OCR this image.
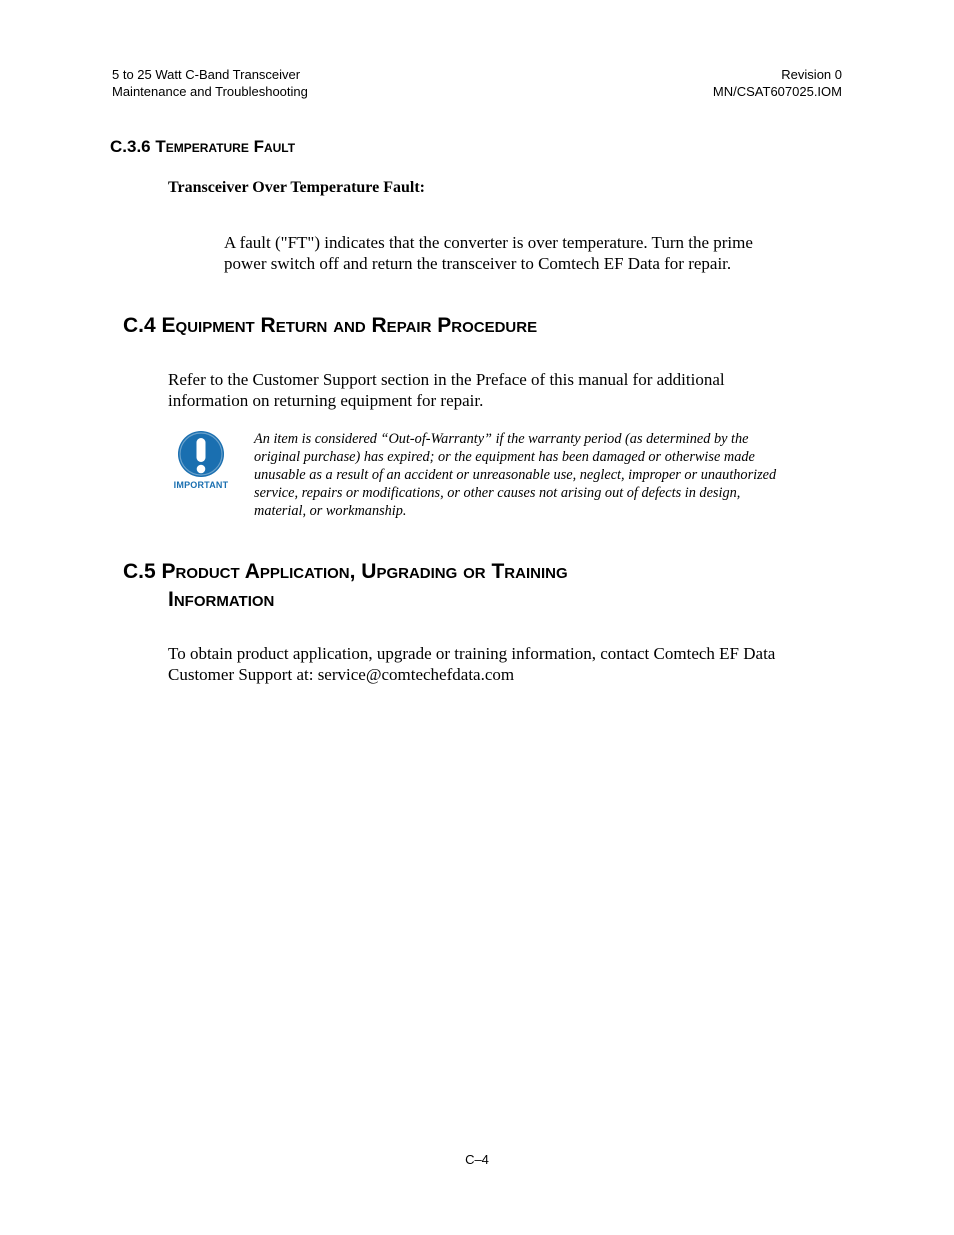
5 to 25 Watt C-Band Transceiver
Maintenance and Troubleshooting
Revision 0
MN/CSAT607025.IOM
C.3.6 Temperature Fault
Transceiver Over Temperature Fault:
A fault ("FT") indicates that the converter is over temperature. Turn the prime
power switch off and return the transceiver to Comtech EF Data for repair.
C.4 Equipment Return and Repair Procedure
Refer to the Customer Support section in the Preface of this manual for additional
information on returning equipment for repair.
IMPORTANT
An item is considered “Out-of-Warranty” if the warranty period (as determined by the
original purchase) has expired; or the equipment has been damaged or otherwise made
unusable as a result of an accident or unreasonable use, neglect, improper or unauthorized
service, repairs or modifications, or other causes not arising out of defects in design,
material, or workmanship.
C.5 Product Application, Upgrading or Training
Information
To obtain product application, upgrade or training information, contact Comtech EF Data
Customer Support at: service@comtechefdata.com
C–4
